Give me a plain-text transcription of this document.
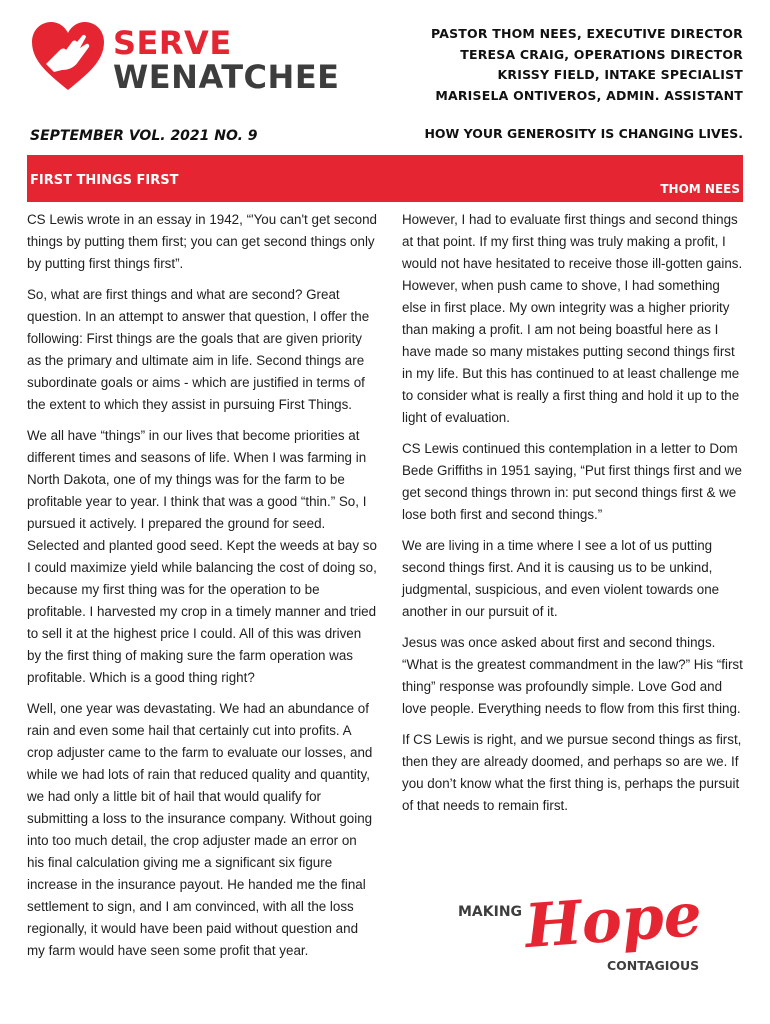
SERVE
WENATCHEE
PASTOR THOM NEES, EXECUTIVE DIRECTOR
TERESA CRAIG, OPERATIONS DIRECTOR
KRISSY FIELD, INTAKE SPECIALIST
MARISELA ONTIVEROS, ADMIN. ASSISTANT
SEPTEMBER VOL. 2021 NO. 9	HOW YOUR GENEROSITY IS CHANGING LIVES.
FIRST THINGS FIRST
THOM NEES

CS Lewis wrote in an essay in 1942, “'You can't get second things by putting them first; you can get second things only by putting first things first”.

So, what are first things and what are second? Great question. In an attempt to answer that question, I offer the following: First things are the goals that are given priority as the primary and ultimate aim in life. Second things are subordinate goals or aims - which are justified in terms of the extent to which they assist in pursuing First Things.

We all have “things” in our lives that become priorities at different times and seasons of life. When I was farming in North Dakota, one of my things was for the farm to be profitable year to year. I think that was a good “thin.” So, I pursued it actively. I prepared the ground for seed. Selected and planted good seed. Kept the weeds at bay so I could maximize yield while balancing the cost of doing so, because my first thing was for the operation to be profitable. I harvested my crop in a timely manner and tried to sell it at the highest price I could. All of this was driven by the first thing of making sure the farm operation was profitable. Which is a good thing right?

Well, one year was devastating. We had an abundance of rain and even some hail that certainly cut into profits. A crop adjuster came to the farm to evaluate our losses, and while we had lots of rain that reduced quality and quantity, we had only a little bit of hail that would qualify for submitting a loss to the insurance company. Without going into too much detail, the crop adjuster made an error on his final calculation giving me a significant six figure increase in the insurance payout. He handed me the final settlement to sign, and I am convinced, with all the loss regionally, it would have been paid without question and my farm would have seen some profit that year.

However, I had to evaluate first things and second things at that point. If my first thing was truly making a profit, I would not have hesitated to receive those ill-gotten gains. However, when push came to shove, I had something else in first place. My own integrity was a higher priority than making a profit. I am not being boastful here as I have made so many mistakes putting second things first in my life. But this has continued to at least challenge me to consider what is really a first thing and hold it up to the light of evaluation.

CS Lewis continued this contemplation in a letter to Dom Bede Griffiths in 1951 saying, “Put first things first and we get second things thrown in: put second things first & we lose both first and second things.”

We are living in a time where I see a lot of us putting second things first. And it is causing us to be unkind, judgmental, suspicious, and even violent towards one another in our pursuit of it.

Jesus was once asked about first and second things. “What is the greatest commandment in the law?” His “first thing” response was profoundly simple. Love God and love people. Everything needs to flow from this first thing.

If CS Lewis is right, and we pursue second things as first, then they are already doomed, and perhaps so are we. If you don’t know what the first thing is, perhaps the pursuit of that needs to remain first.

MAKING Hope
CONTAGIOUS
